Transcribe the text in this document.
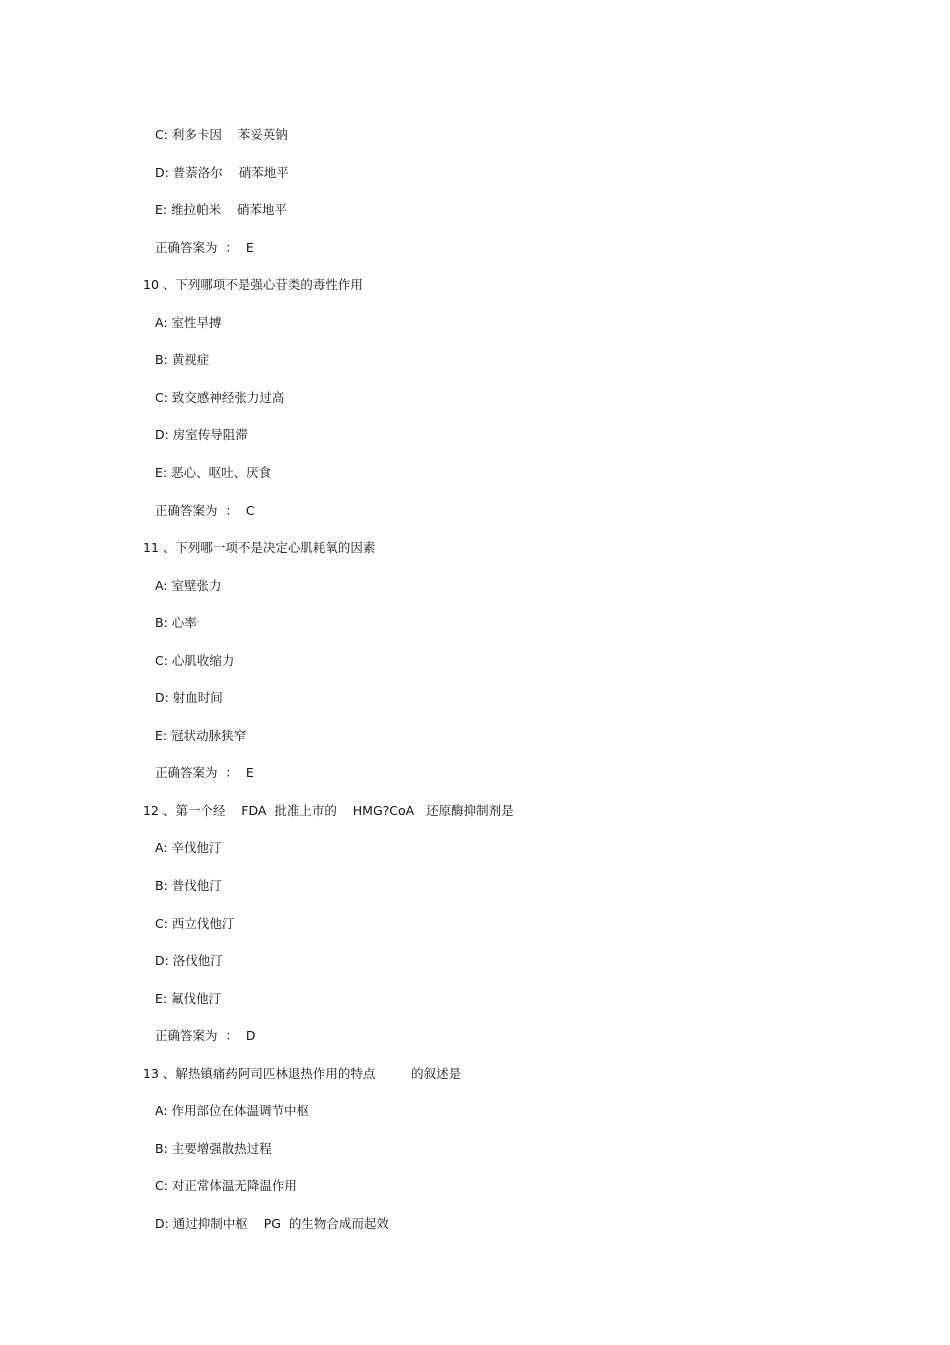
C: 利多卡因    苯妥英钠
D: 普萘洛尔    硝苯地平
E: 维拉帕米    硝苯地平
正确答案为  ：  E
10 、下列哪项不是强心苷类的毒性作用
A: 室性早搏
B: 黄视症
C: 致交感神经张力过高
D: 房室传导阻滞
E: 恶心、呕吐、厌食
正确答案为  ：  C
11 、下列哪一项不是决定心肌耗氧的因素
A: 室壁张力
B: 心率
C: 心肌收缩力
D: 射血时间
E: 冠状动脉狭窄
正确答案为  ：  E
12 、第一个经    FDA  批准上市的    HMG?CoA   还原酶抑制剂是
A: 辛伐他汀
B: 普伐他汀
C: 西立伐他汀
D: 洛伐他汀
E: 氟伐他汀
正确答案为  ：  D
13 、解热镇痛药阿司匹林退热作用的特点         的叙述是
A: 作用部位在体温调节中枢
B: 主要增强散热过程
C: 对正常体温无降温作用
D: 通过抑制中枢    PG  的生物合成而起效
